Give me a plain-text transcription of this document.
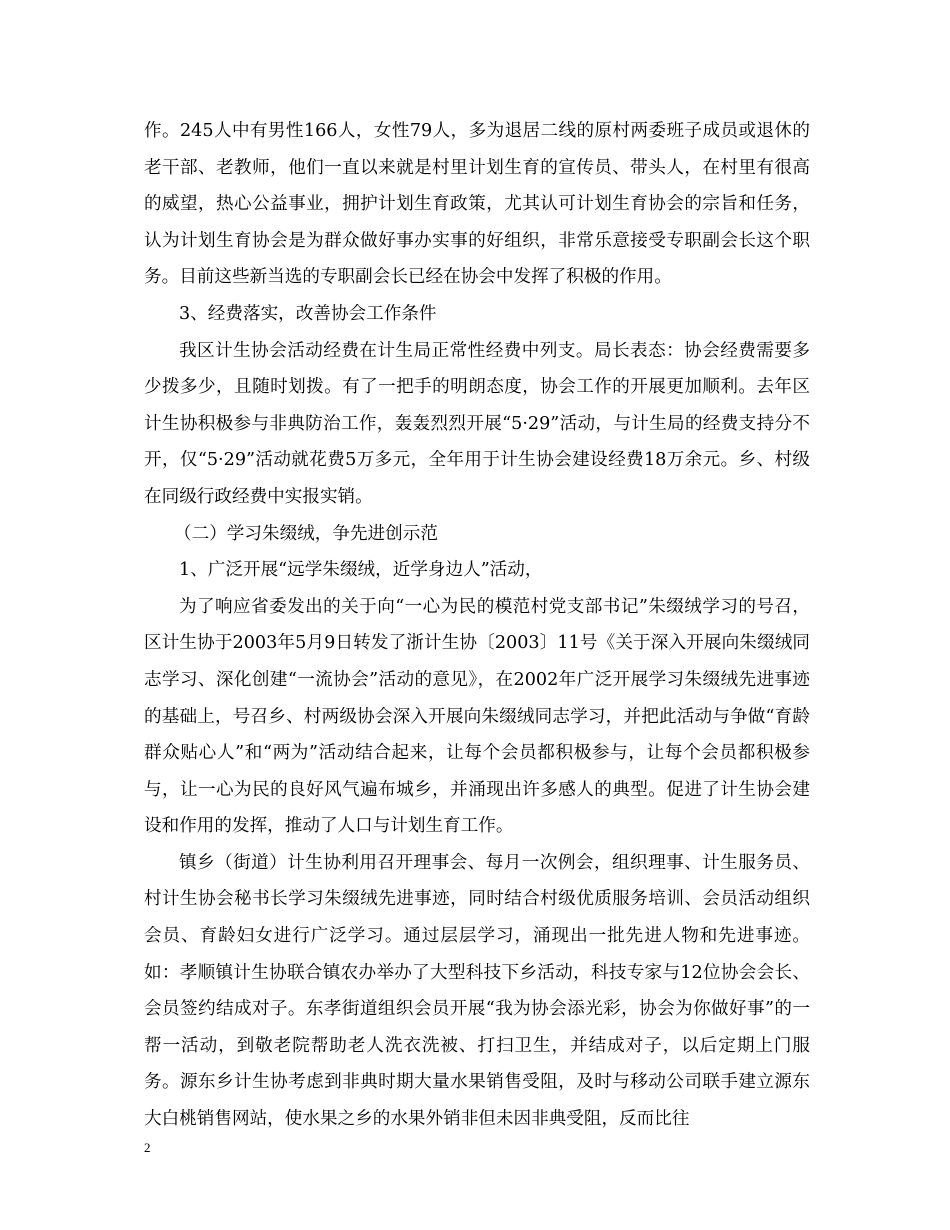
作。245人中有男性166人，女性79人，多为退居二线的原村两委班子成员或退休的老干部、老教师，他们一直以来就是村里计划生育的宣传员、带头人，在村里有很高的威望，热心公益事业，拥护计划生育政策，尤其认可计划生育协会的宗旨和任务，认为计划生育协会是为群众做好事办实事的好组织，非常乐意接受专职副会长这个职务。目前这些新当选的专职副会长已经在协会中发挥了积极的作用。

3、经费落实，改善协会工作条件

我区计生协会活动经费在计生局正常性经费中列支。局长表态：协会经费需要多少拨多少，且随时划拨。有了一把手的明朗态度，协会工作的开展更加顺利。去年区计生协积极参与非典防治工作，轰轰烈烈开展“5·29”活动，与计生局的经费支持分不开，仅“5·29”活动就花费5万多元，全年用于计生协会建设经费18万余元。乡、村级在同级行政经费中实报实销。

（二）学习朱缀绒，争先进创示范

1、广泛开展“远学朱缀绒，近学身边人”活动，

为了响应省委发出的关于向“一心为民的模范村党支部书记”朱缀绒学习的号召，区计生协于2003年5月9日转发了浙计生协〔2003〕11号《关于深入开展向朱缀绒同志学习、深化创建“一流协会”活动的意见》，在2002年广泛开展学习朱缀绒先进事迹的基础上，号召乡、村两级协会深入开展向朱缀绒同志学习，并把此活动与争做“育龄群众贴心人”和“两为”活动结合起来，让每个会员都积极参与，让每个会员都积极参与，让一心为民的良好风气遍布城乡，并涌现出许多感人的典型。促进了计生协会建设和作用的发挥，推动了人口与计划生育工作。

镇乡（街道）计生协利用召开理事会、每月一次例会，组织理事、计生服务员、村计生协会秘书长学习朱缀绒先进事迹，同时结合村级优质服务培训、会员活动组织会员、育龄妇女进行广泛学习。通过层层学习，涌现出一批先进人物和先进事迹。如：孝顺镇计生协联合镇农办举办了大型科技下乡活动，科技专家与12位协会会长、会员签约结成对子。东孝街道组织会员开展“我为协会添光彩，协会为你做好事”的一帮一活动，到敬老院帮助老人洗衣洗被、打扫卫生，并结成对子，以后定期上门服务。源东乡计生协考虑到非典时期大量水果销售受阻，及时与移动公司联手建立源东大白桃销售网站，使水果之乡的水果外销非但未因非典受阻，反而比往

2
